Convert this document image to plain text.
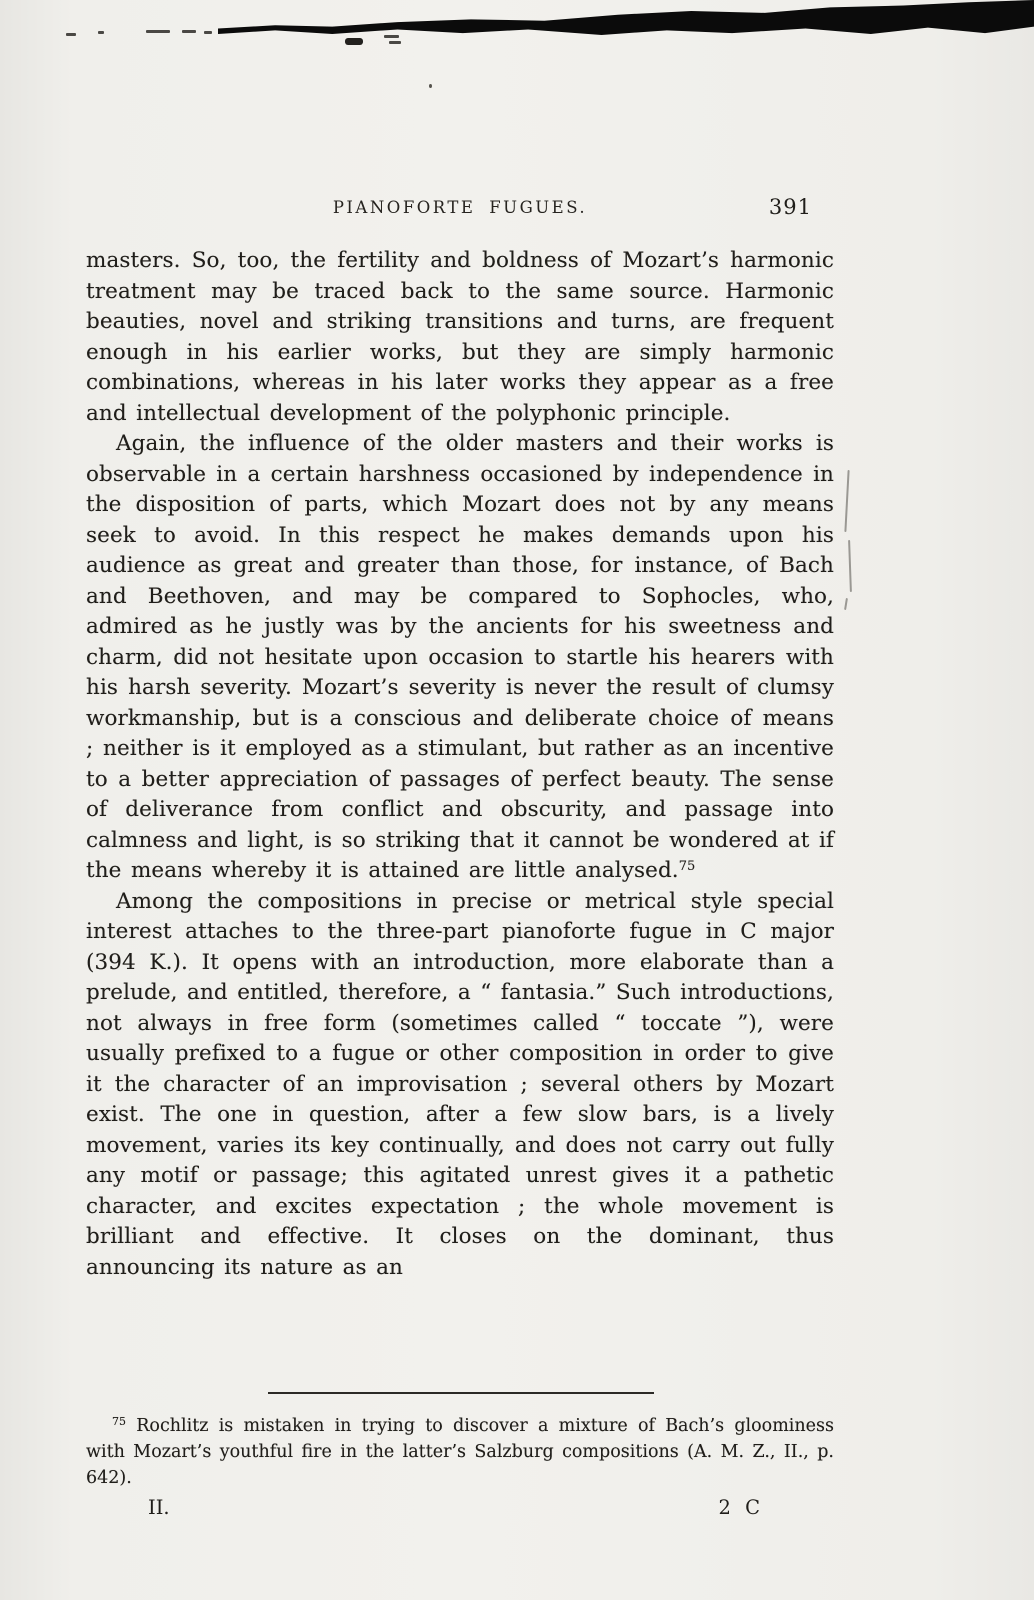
PIANOFORTE FUGUES.	391

masters. So, too, the fertility and boldness of Mozart’s harmonic treatment may be traced back to the same source. Harmonic beauties, novel and striking transitions and turns, are frequent enough in his earlier works, but they are simply harmonic combinations, whereas in his later works they appear as a free and intellectual development of the polyphonic principle.

Again, the influence of the older masters and their works is observable in a certain harshness occasioned by independence in the disposition of parts, which Mozart does not by any means seek to avoid. In this respect he makes demands upon his audience as great and greater than those, for instance, of Bach and Beethoven, and may be compared to Sophocles, who, admired as he justly was by the ancients for his sweetness and charm, did not hesitate upon occasion to startle his hearers with his harsh severity. Mozart’s severity is never the result of clumsy workmanship, but is a conscious and deliberate choice of means ; neither is it employed as a stimulant, but rather as an incentive to a better appreciation of passages of perfect beauty. The sense of deliverance from conflict and obscurity, and passage into calmness and light, is so striking that it cannot be wondered at if the means whereby it is attained are little analysed.$^{75}$

Among the compositions in precise or metrical style special interest attaches to the three-part pianoforte fugue in C major (394 K.). It opens with an introduction, more elaborate than a prelude, and entitled, therefore, a “ fantasia.” Such introductions, not always in free form (sometimes called “ toccate ”), were usually prefixed to a fugue or other composition in order to give it the character of an improvisation ; several others by Mozart exist. The one in question, after a few slow bars, is a lively movement, varies its key continually, and does not carry out fully any motif or passage; this agitated unrest gives it a pathetic character, and excites expectation ; the whole movement is brilliant and effective. It closes on the dominant, thus announcing its nature as an

$^{75}$ Rochlitz is mistaken in trying to discover a mixture of Bach’s gloominess with Mozart’s youthful fire in the latter’s Salzburg compositions (A. M. Z., II., p. 642).

II.	2 C
